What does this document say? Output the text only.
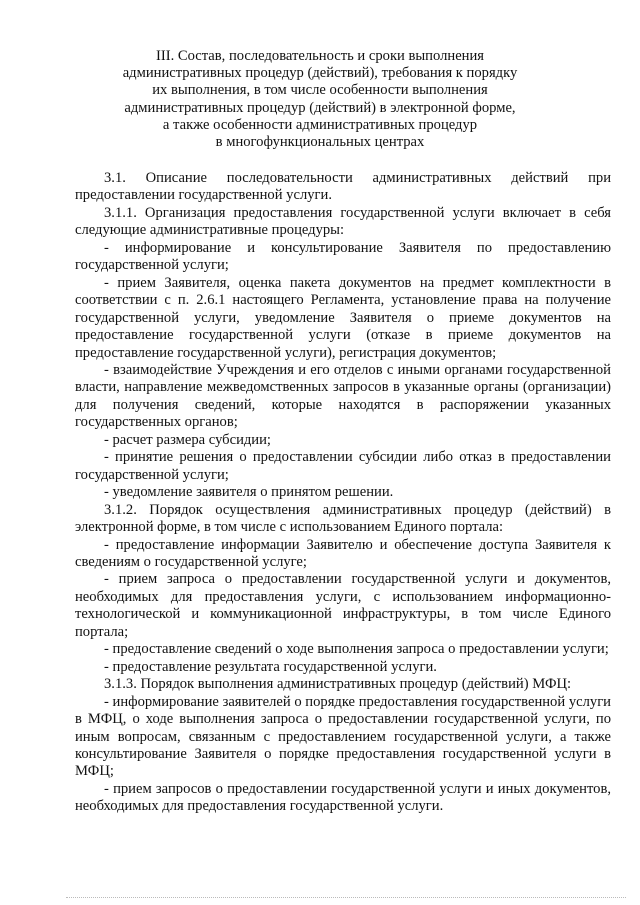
III. Состав, последовательность и сроки выполнения
административных процедур (действий), требования к порядку
их выполнения, в том числе особенности выполнения
административных процедур (действий) в электронной форме,
а также особенности административных процедур
в многофункциональных центрах

3.1. Описание последовательности административных действий при предоставлении государственной услуги.

3.1.1. Организация предоставления государственной услуги включает в себя следующие административные процедуры:

- информирование и консультирование Заявителя по предоставлению государственной услуги;

- прием Заявителя, оценка пакета документов на предмет комплектности в соответствии с п. 2.6.1 настоящего Регламента, установление права на получение государственной услуги, уведомление Заявителя о приеме документов на предоставление государственной услуги (отказе в приеме документов на предоставление государственной услуги), регистрация документов;

- взаимодействие Учреждения и его отделов с иными органами государственной власти, направление межведомственных запросов в указанные органы (организации) для получения сведений, которые находятся в распоряжении указанных государственных органов;

- расчет размера субсидии;

- принятие решения о предоставлении субсидии либо отказ в предоставлении государственной услуги;

- уведомление заявителя о принятом решении.

3.1.2. Порядок осуществления административных процедур (действий) в электронной форме, в том числе с использованием Единого портала:

- предоставление информации Заявителю и обеспечение доступа Заявителя к сведениям о государственной услуге;

- прием запроса о предоставлении государственной услуги и документов, необходимых для предоставления услуги, с использованием информационно-технологической и коммуникационной инфраструктуры, в том числе Единого портала;

- предоставление сведений о ходе выполнения запроса о предоставлении услуги;

- предоставление результата государственной услуги.

3.1.3. Порядок выполнения административных процедур (действий) МФЦ:

- информирование заявителей о порядке предоставления государственной услуги в МФЦ, о ходе выполнения запроса о предоставлении государственной услуги, по иным вопросам, связанным с предоставлением государственной услуги, а также консультирование Заявителя о порядке предоставления государственной услуги в МФЦ;

- прием запросов о предоставлении государственной услуги и иных документов, необходимых для предоставления государственной услуги.
